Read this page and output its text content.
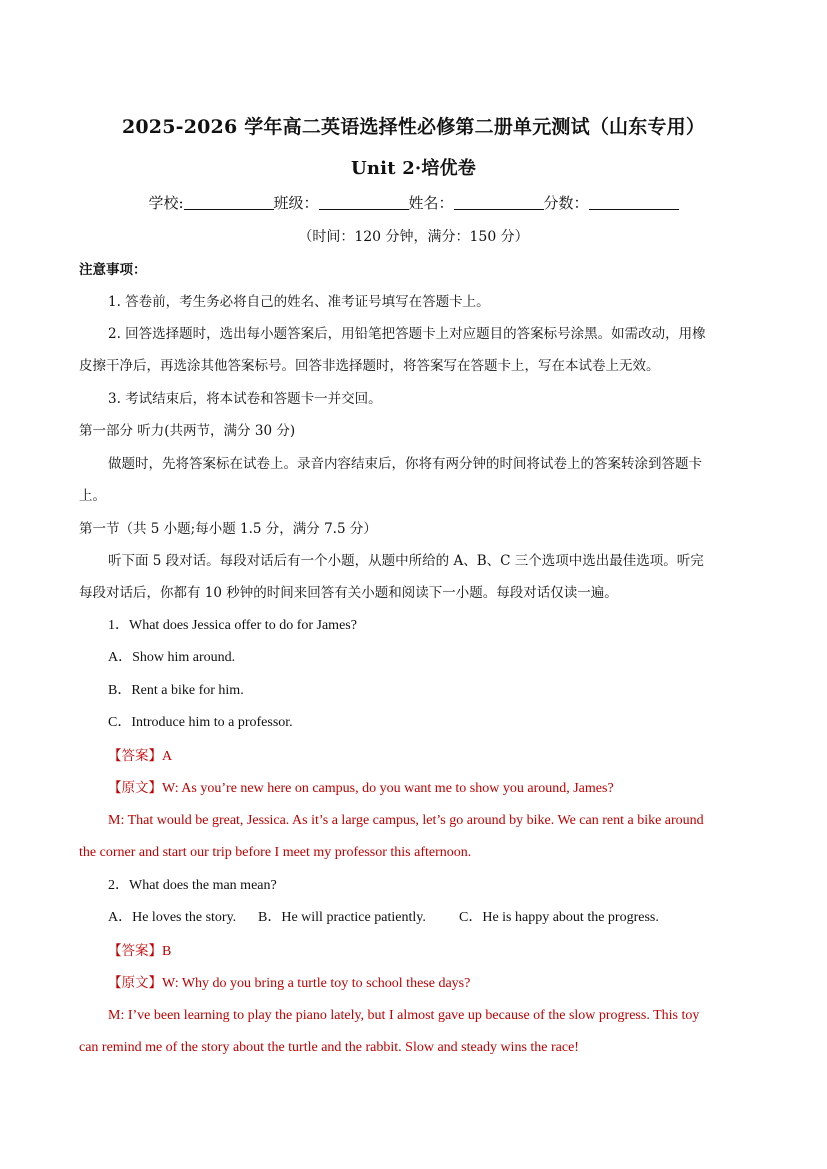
2025-2026 学年高二英语选择性必修第二册单元测试（山东专用）
Unit 2·培优卷
学校:	班级：	姓名：	分数：
（时间：120 分钟，满分：150 分）
注意事项：
1. 答卷前，考生务必将自己的姓名、准考证号填写在答题卡上。
2. 回答选择题时，选出每小题答案后，用铅笔把答题卡上对应题目的答案标号涂黑。如需改动，用橡
皮擦干净后，再选涂其他答案标号。回答非选择题时，将答案写在答题卡上，写在本试卷上无效。
3. 考试结束后，将本试卷和答题卡一并交回。
第一部分 听力(共两节，满分 30 分)
做题时，先将答案标在试卷上。录音内容结束后，你将有两分钟的时间将试卷上的答案转涂到答题卡
上。
第一节（共 5 小题;每小题 1.5 分，满分 7.5 分）
听下面 5 段对话。每段对话后有一个小题，从题中所给的 A、B、C 三个选项中选出最佳选项。听完
每段对话后，你都有 10 秒钟的时间来回答有关小题和阅读下一小题。每段对话仅读一遍。
1．What does Jessica offer to do for James?
A．Show him around.
B．Rent a bike for him.
C．Introduce him to a professor.
【答案】A
【原文】W: As you’re new here on campus, do you want me to show you around, James?
M: That would be great, Jessica. As it’s a large campus, let’s go around by bike. We can rent a bike around
the corner and start our trip before I meet my professor this afternoon.
2．What does the man mean?
A．He loves the story. B．He will practice patiently. C．He is happy about the progress.
【答案】B
【原文】W: Why do you bring a turtle toy to school these days?
M: I’ve been learning to play the piano lately, but I almost gave up because of the slow progress. This toy
can remind me of the story about the turtle and the rabbit. Slow and steady wins the race!
